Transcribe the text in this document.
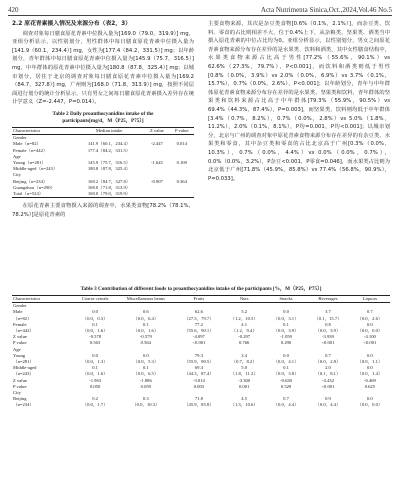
420	Acta Nutrimenta Sinica,Oct.,2024,Vol.46 No.5
2.2 原花青素摄入情况及来源分布（表2，3）

调查对象每日膳食原花青素中位摄入量为[169.0（79.0，319.9）] mg，亚组分析显示，以性别划分，男性群体中每日膳食原花青素中位摄入量为[141.9（60.1，234.4）] mg，女性为[177.4（84.2，331.5）] mg；以年龄划分，青年群体中每日膳食原花青素中位摄入量为[145.9（75.7，316.5）] mg，中年群体的原花青素中位摄入量为[180.8（87.8，325.4）] mg；以城市划分，居住于北京的调查对象每日膳食原花青素中位摄入量为[169.2（84.7，327.8）] mg，广州则为[168.0（71.8，313.9）] mg，按照不同层面进行划分的统计分析显示，只有男女之间每日膳食原花青素摄入差异存在统计学意义（Z=-2.447，P=0.014）。

Table 2 Daily proanthocyanidins intake of the
participants[mg/d，M（P25，P75）]
Characteristics	Median intake	Z value	P value
Gender			
Male（n=82）	141.9（60.1，234.4）	-2.447	0.014
Female（n=442）	177.4（84.2，331.5）		
Age			
Young（n=281）	145.9（75.7，316.5）	-1.645	0.100
Middle-aged（n=243）	180.8（87.8，325.4）		
City			
Beijing（n=234）	169.2（84.7，327.8）	-0.907	0.364
Guangzhou（n=290）	168.0（71.8，313.9）		
Total（n=524）	169.0（79.0，319.9）		

在原花青素主要食物摄入来源的调查中，水果类食物[78.2%（78.1%，78.2%）]是原花青素的

主要食物来源，其次是杂豆类食物[0.6%（0.1%，2.1%）]，而杂豆类、饮料、零食的占比则相差不大，位于0.4%上下，从杂粮类、坚果类、酒类当中摄入原花青素的中位占比均为0。亚组分析显示，以性别划分，男女之间原花青素食物来源分布存在差异的是水果类、饮料和酒类，其中女性膳食结构中，水果类食物来源占比高于男性[77.2%（55.6%，90.1%）vs 62.6%（27.3%，79.7%），P<0.001]，而饮料和酒类则低于男性[0.8%（0.0%，3.9%）vs 2.0%（0.0%，6.9%）vs 3.7%（0.1%，15.7%），0.7%（0.0%，2.6%），P<0.001]；以年龄划分，青年与中年群体原花青素食物来源分布存在差异的是水果类、坚果类和饮料，青年群体的坚果类和饮料来源占比高于中年群体[79.3%（55.9%，90.5%）vs 69.4%（44.3%，87.4%），P=0.003]，而坚果类、饮料则均低于中年群体[3.4%（0.7%，8.2%），0.7%（0.0%，2.8%）vs 5.0%（1.8%，11.2%），2.0%（0.1%，8.1%），P均=0.001，P均<0.001]；以城市划分，北京与广州的调查对象中原花青素食物来源分布存在差异的有杂豆类、水果类和零食，其中杂豆类和零食的占比北京高于广州[0.3%（0.0%，10.3%），0.7%（0.0%，4.4%）vs 0.0%（0.0%，0.7%），0.0%（0.0%，3.2%），P杂豆<0.001，P零食=0.046]，而水果类占比则为北京低于广州[71.8%（45.9%，85.8%）vs 77.4%（56.8%，90.9%），P=0.033]。

Table 3 Contribution of different foods to proanthocyanidins intake of the participants [%，M（P25，P75）]
Characteristics	Coarse cereals	Miscellaneous beans	Fruits	Nuts	Snacks	Beverages	Liquors
Gender							
Male	0.0	0.6	62.6	5.2	0.0	3.7	0.7
（n=82）	（0.0，0.3）	（0.0，6.4）	（27.3，79.7）	（1.2，10.5）	（0.0，3.1）	（0.1，15.7）	（0.0，2.6）
Female	0.1	0.1	77.2	4.1	0.1	0.8	0.0
（n=442）	（0.0，1.6）	（0.0，1.6）	（55.6，90.1）	（1.2，9.4）	（0.0，3.9）	（0.0，3.9）	（0.0，0.0）
Z value	-0.578	-0.579	-4.097	-0.297	-1.059	-3.939	-4.100
P value	0.563	0.564	<0.001	0.766	0.290	<0.001	<0.001
Age							
Young	0.0	0.0	79.3	3.4	0.0	0.7	0.0
（n=281）	（0.0，1.3）	（0.0，5.3）	（55.9，90.5）	（0.7，8.2）	（0.0，4.1）	（0.0，2.8）	（0.0，1.1）
Middle-aged	0.1	0.1	69.4	5.0	0.1	2.0	0.0
（n=243）	（0.0，1.6）	（0.0，6.5）	（44.3，87.4）	（1.8，11.2）	（0.0，3.8）	（0.1，8.1）	（0.0，1.4）
Z value	-1.963	-1.886	-3.014	-3.300	-0.630	-4.432	-0.469
P value	0.050	0.059	0.003	0.001	0.529	<0.001	0.625
City							
Beijing	0.2	0.3	71.8	4.5	0.7	0.9	0.0
（n=234）	（0.0，1.7）	（0.0，10.3）	（45.9，85.8）	（1.3，10.6）	（0.0，4.4）	（0.0，4.4）	（0.0，0.0）
